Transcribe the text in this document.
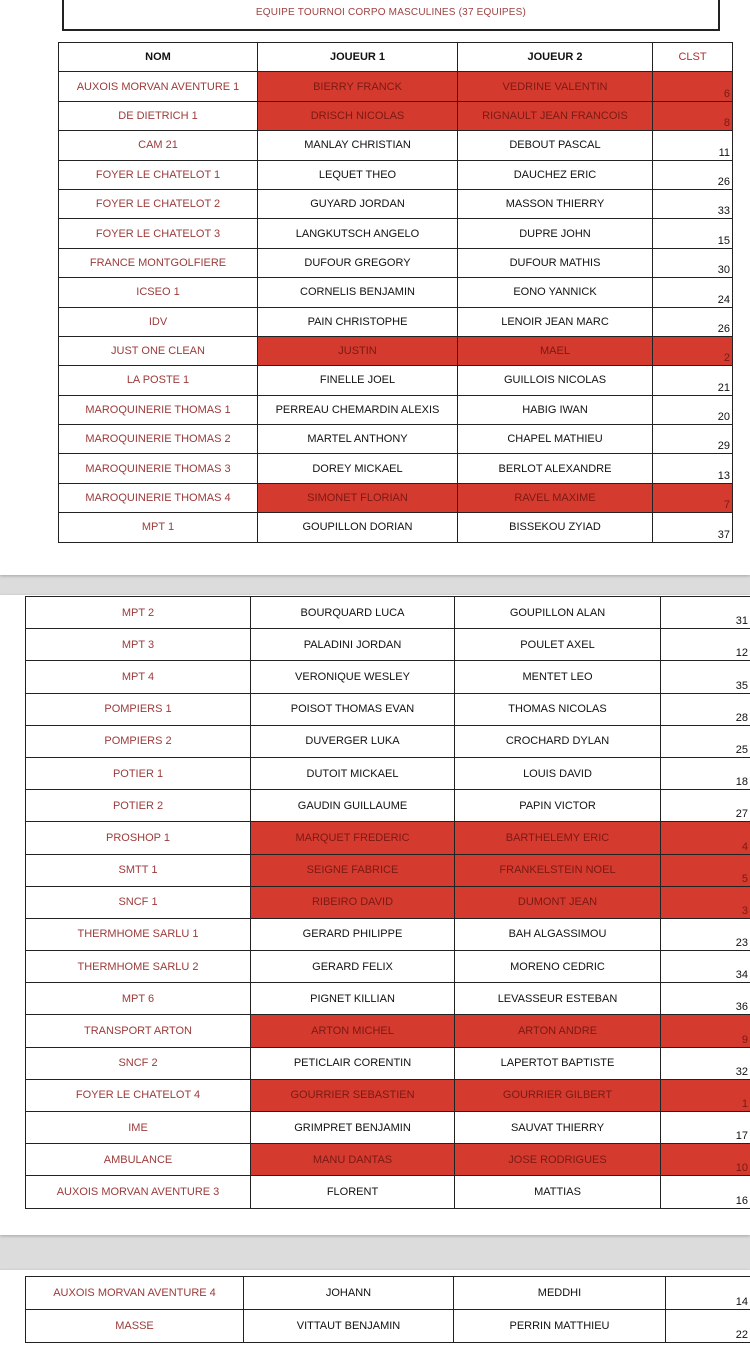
EQUIPE TOURNOI CORPO MASCULINES (37 EQUIPES)
NOM	JOUEUR 1	JOUEUR 2	CLST
AUXOIS MORVAN AVENTURE 1	BIERRY FRANCK	VEDRINE VALENTIN	6
DE DIETRICH 1	DRISCH NICOLAS	RIGNAULT JEAN FRANCOIS	8
CAM 21	MANLAY CHRISTIAN	DEBOUT PASCAL	11
FOYER LE CHATELOT 1	LEQUET THEO	DAUCHEZ ERIC	26
FOYER LE CHATELOT 2	GUYARD JORDAN	MASSON THIERRY	33
FOYER LE CHATELOT 3	LANGKUTSCH ANGELO	DUPRE JOHN	15
FRANCE MONTGOLFIERE	DUFOUR GREGORY	DUFOUR MATHIS	30
ICSEO 1	CORNELIS BENJAMIN	EONO YANNICK	24
IDV	PAIN CHRISTOPHE	LENOIR JEAN MARC	26
JUST ONE CLEAN	JUSTIN	MAEL	2
LA POSTE 1	FINELLE JOEL	GUILLOIS NICOLAS	21
MAROQUINERIE THOMAS 1	PERREAU CHEMARDIN ALEXIS	HABIG IWAN	20
MAROQUINERIE THOMAS 2	MARTEL ANTHONY	CHAPEL MATHIEU	29
MAROQUINERIE THOMAS 3	DOREY MICKAEL	BERLOT ALEXANDRE	13
MAROQUINERIE THOMAS 4	SIMONET FLORIAN	RAVEL MAXIME	7
MPT 1	GOUPILLON DORIAN	BISSEKOU ZYIAD	37
MPT 2	BOURQUARD LUCA	GOUPILLON ALAN	31
MPT 3	PALADINI JORDAN	POULET AXEL	12
MPT 4	VERONIQUE WESLEY	MENTET LEO	35
POMPIERS 1	POISOT THOMAS EVAN	THOMAS NICOLAS	28
POMPIERS 2	DUVERGER LUKA	CROCHARD DYLAN	25
POTIER 1	DUTOIT MICKAEL	LOUIS DAVID	18
POTIER 2	GAUDIN GUILLAUME	PAPIN VICTOR	27
PROSHOP 1	MARQUET FREDERIC	BARTHELEMY ERIC	4
SMTT 1	SEIGNE FABRICE	FRANKELSTEIN NOEL	5
SNCF 1	RIBEIRO DAVID	DUMONT JEAN	3
THERMHOME SARLU 1	GERARD PHILIPPE	BAH ALGASSIMOU	23
THERMHOME SARLU 2	GERARD FELIX	MORENO CEDRIC	34
MPT 6	PIGNET KILLIAN	LEVASSEUR ESTEBAN	36
TRANSPORT ARTON	ARTON MICHEL	ARTON ANDRE	9
SNCF 2	PETICLAIR CORENTIN	LAPERTOT BAPTISTE	32
FOYER LE CHATELOT 4	GOURRIER SEBASTIEN	GOURRIER GILBERT	1
IME	GRIMPRET BENJAMIN	SAUVAT THIERRY	17
AMBULANCE	MANU DANTAS	JOSE RODRIGUES	10
AUXOIS MORVAN AVENTURE 3	FLORENT	MATTIAS	16
AUXOIS MORVAN AVENTURE 4	JOHANN	MEDDHI	14
MASSE	VITTAUT BENJAMIN	PERRIN MATTHIEU	22
